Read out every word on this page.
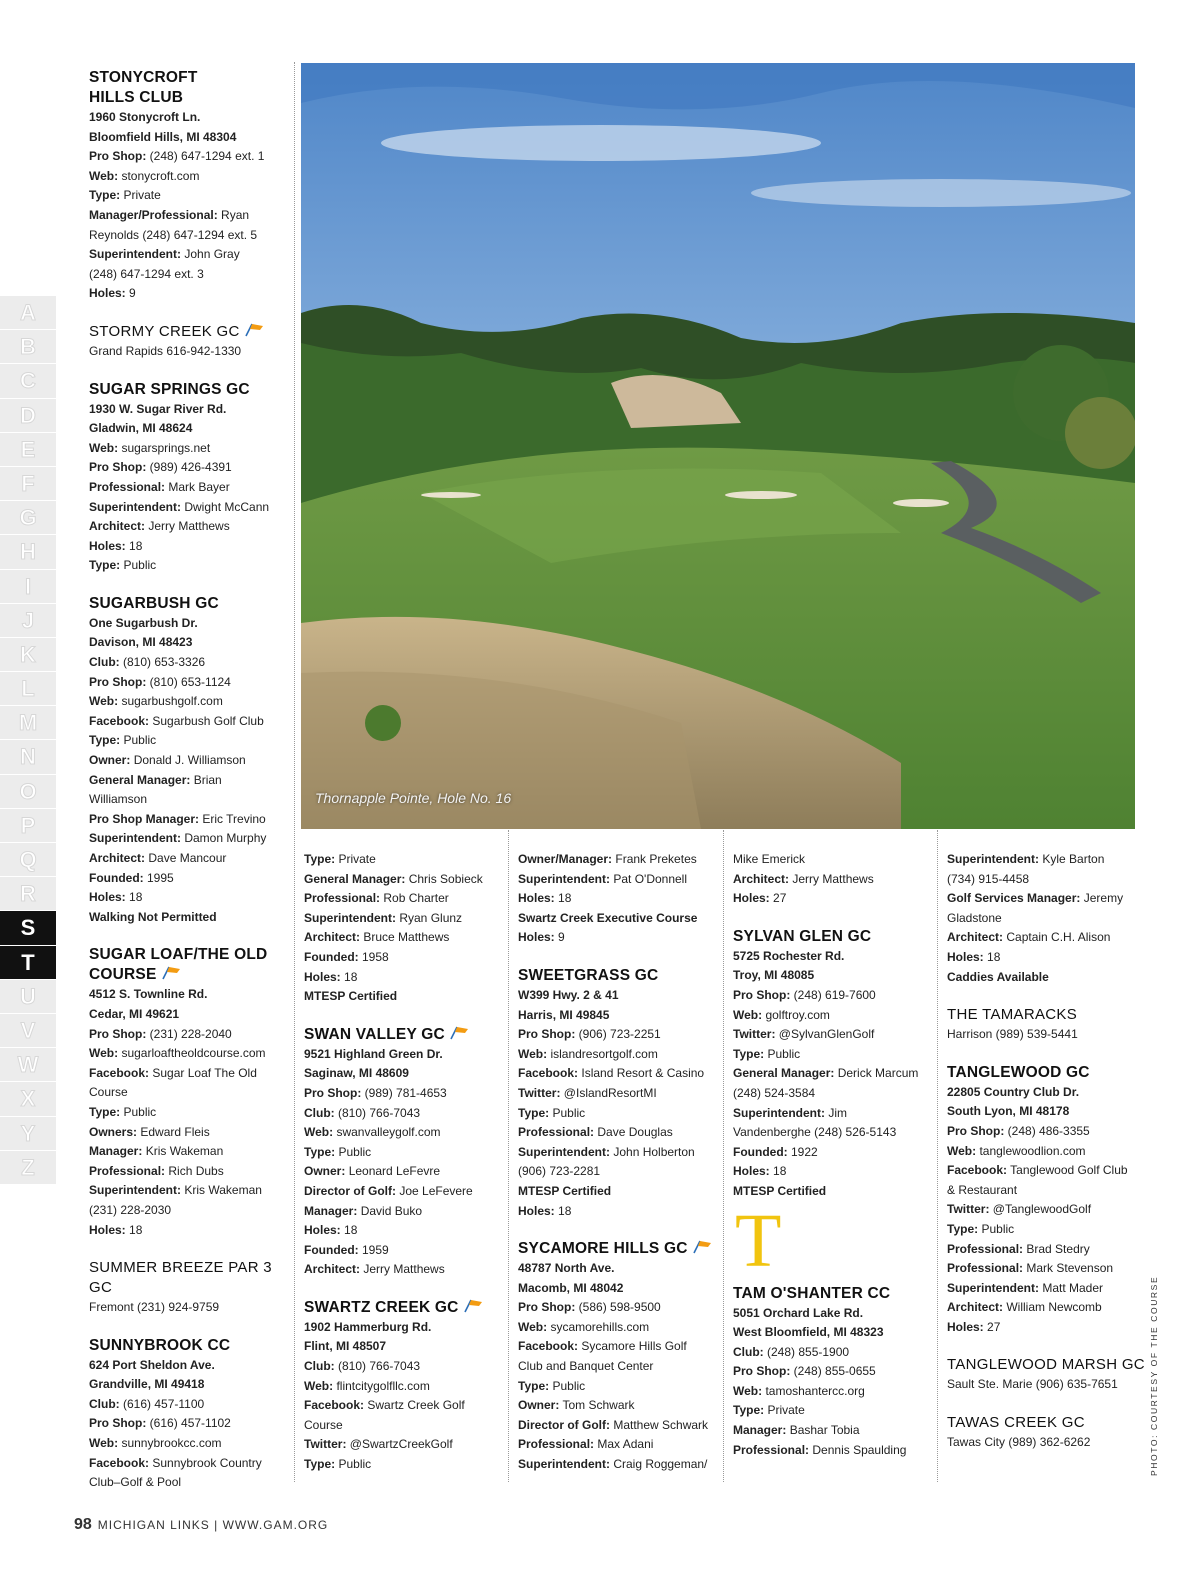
A
B
C
D
E
F
G
H
I
J
K
L
M
N
O
P
Q
R
S
T
U
V
W
X
Y
Z
Thornapple Pointe, Hole No. 16
STONYCROFT
HILLS CLUB

1960 Stonycroft Ln.

Bloomfield Hills, MI 48304

Pro Shop: (248) 647-1294 ext. 1

Web: stonycroft.com

Type: Private

Manager/Professional: Ryan

Reynolds (248) 647-1294 ext. 5

Superintendent: John Gray

(248) 647-1294 ext. 3

Holes: 9

STORMY CREEK GC

Grand Rapids 616-942-1330

SUGAR SPRINGS GC

1930 W. Sugar River Rd.

Gladwin, MI 48624

Web: sugarsprings.net

Pro Shop: (989) 426-4391

Professional: Mark Bayer

Superintendent: Dwight McCann

Architect: Jerry Matthews

Holes: 18

Type: Public

SUGARBUSH GC

One Sugarbush Dr.

Davison, MI 48423

Club: (810) 653-3326

Pro Shop: (810) 653-1124

Web: sugarbushgolf.com

Facebook: Sugarbush Golf Club

Type: Public

Owner: Donald J. Williamson

General Manager: Brian

Williamson

Pro Shop Manager: Eric Trevino

Superintendent: Damon Murphy

Architect: Dave Mancour

Founded: 1995

Holes: 18

Walking Not Permitted

SUGAR LOAF/THE OLD
COURSE

4512 S. Townline Rd.

Cedar, MI 49621

Pro Shop: (231) 228-2040

Web: sugarloaftheoldcourse.com

Facebook: Sugar Loaf The Old

Course

Type: Public

Owners: Edward Fleis

Manager: Kris Wakeman

Professional: Rich Dubs

Superintendent: Kris Wakeman

(231) 228-2030

Holes: 18

SUMMER BREEZE PAR 3 GC

Fremont (231) 924-9759

SUNNYBROOK CC

624 Port Sheldon Ave.

Grandville, MI 49418

Club: (616) 457-1100

Pro Shop: (616) 457-1102

Web: sunnybrookcc.com

Facebook: Sunnybrook Country

Club–Golf & Pool

Type: Private

General Manager: Chris Sobieck

Professional: Rob Charter

Superintendent: Ryan Glunz

Architect: Bruce Matthews

Founded: 1958

Holes: 18

MTESP Certified

SWAN VALLEY GC

9521 Highland Green Dr.

Saginaw, MI 48609

Pro Shop: (989) 781-4653

Club: (810) 766-7043

Web: swanvalleygolf.com

Type: Public

Owner: Leonard LeFevre

Director of Golf: Joe LeFevere

Manager: David Buko

Holes: 18

Founded: 1959

Architect: Jerry Matthews

SWARTZ CREEK GC

1902 Hammerburg Rd.

Flint, MI 48507

Club: (810) 766-7043

Web: flintcitygolfllc.com

Facebook: Swartz Creek Golf

Course

Twitter: @SwartzCreekGolf

Type: Public

Owner/Manager: Frank Preketes

Superintendent: Pat O'Donnell

Holes: 18

Swartz Creek Executive Course

Holes: 9

SWEETGRASS GC

W399 Hwy. 2 & 41

Harris, MI 49845

Pro Shop: (906) 723-2251

Web: islandresortgolf.com

Facebook: Island Resort & Casino

Twitter: @IslandResortMI

Type: Public

Professional: Dave Douglas

Superintendent: John Holberton

(906) 723-2281

MTESP Certified

Holes: 18

SYCAMORE HILLS GC

48787 North Ave.

Macomb, MI 48042

Pro Shop: (586) 598-9500

Web: sycamorehills.com

Facebook: Sycamore Hills Golf

Club and Banquet Center

Type: Public

Owner: Tom Schwark

Director of Golf: Matthew Schwark

Professional: Max Adani

Superintendent: Craig Roggeman/

Mike Emerick

Architect: Jerry Matthews

Holes: 27

SYLVAN GLEN GC

5725 Rochester Rd.

Troy, MI 48085

Pro Shop: (248) 619-7600

Web: golftroy.com

Twitter: @SylvanGlenGolf

Type: Public

General Manager: Derick Marcum

(248) 524-3584

Superintendent: Jim

Vandenberghe (248) 526-5143

Founded: 1922

Holes: 18

MTESP Certified

T
TAM O'SHANTER CC

5051 Orchard Lake Rd.

West Bloomfield, MI 48323

Club: (248) 855-1900

Pro Shop: (248) 855-0655

Web: tamoshantercc.org

Type: Private

Manager: Bashar Tobia

Professional: Dennis Spaulding

Superintendent: Kyle Barton

(734) 915-4458

Golf Services Manager: Jeremy

Gladstone

Architect: Captain C.H. Alison

Holes: 18

Caddies Available

THE TAMARACKS

Harrison (989) 539-5441

TANGLEWOOD GC

22805 Country Club Dr.

South Lyon, MI 48178

Pro Shop: (248) 486-3355

Web: tanglewoodlion.com

Facebook: Tanglewood Golf Club

& Restaurant

Twitter: @TanglewoodGolf

Type: Public

Professional: Brad Stedry

Professional: Mark Stevenson

Superintendent: Matt Mader

Architect: William Newcomb

Holes: 27

TANGLEWOOD MARSH GC

Sault Ste. Marie (906) 635-7651

TAWAS CREEK GC

Tawas City (989) 362-6262

98 MICHIGAN LINKS | WWW.GAM.ORG
PHOTO: COURTESY OF THE COURSE
